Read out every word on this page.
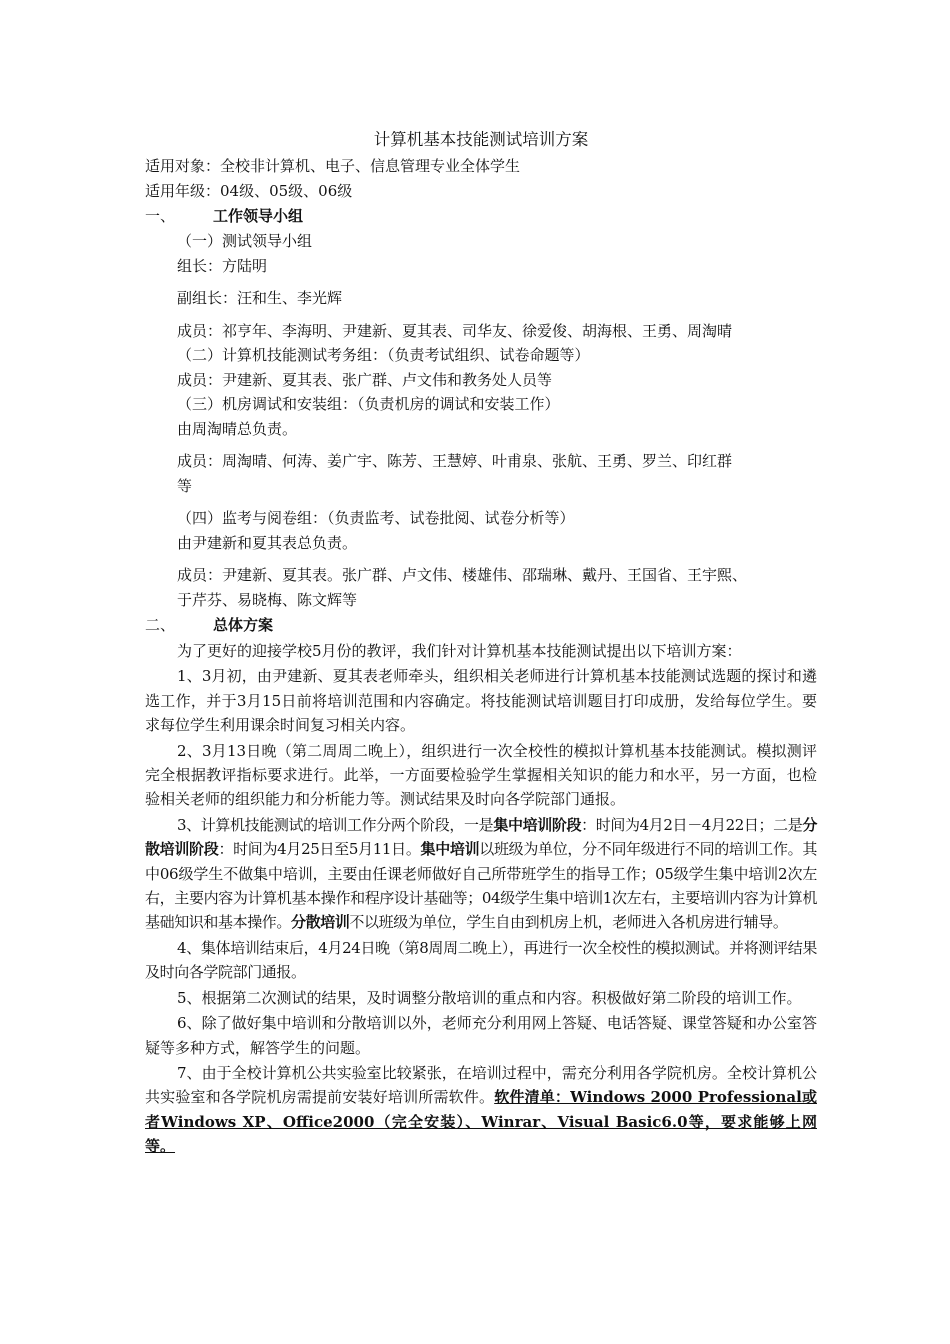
计算机基本技能测试培训方案
适用对象：全校非计算机、电子、信息管理专业全体学生
适用年级：04级、05级、06级
一、	工作领导小组
（一）测试领导小组
组长：方陆明
副组长：汪和生、李光辉
成员：祁亨年、李海明、尹建新、夏其表、司华友、徐爱俊、胡海根、王勇、周淘晴
（二）计算机技能测试考务组：（负责考试组织、试卷命题等）
成员：尹建新、夏其表、张广群、卢文伟和教务处人员等
（三）机房调试和安装组：（负责机房的调试和安装工作）
由周淘晴总负责。
成员：周淘晴、何涛、姜广宇、陈芳、王慧婷、叶甫泉、张航、王勇、罗兰、印红群
等
（四）监考与阅卷组：（负责监考、试卷批阅、试卷分析等）
由尹建新和夏其表总负责。
成员：尹建新、夏其表。张广群、卢文伟、楼雄伟、邵瑞琳、戴丹、王国省、王宇熙、
于芹芬、易晓梅、陈文辉等
二、	总体方案
为了更好的迎接学校5月份的教评，我们针对计算机基本技能测试提出以下培训方案：
1、3月初，由尹建新、夏其表老师牵头，组织相关老师进行计算机基本技能测试选题的探讨和遴选工作，并于3月15日前将培训范围和内容确定。将技能测试培训题目打印成册，发给每位学生。要求每位学生利用课余时间复习相关内容。
2、3月13日晚（第二周周二晚上），组织进行一次全校性的模拟计算机基本技能测试。模拟测评完全根据教评指标要求进行。此举，一方面要检验学生掌握相关知识的能力和水平，另一方面，也检验相关老师的组织能力和分析能力等。测试结果及时向各学院部门通报。
3、计算机技能测试的培训工作分两个阶段，一是集中培训阶段：时间为4月2日－4月22日；二是分散培训阶段：时间为4月25日至5月11日。集中培训以班级为单位，分不同年级进行不同的培训工作。其中06级学生不做集中培训，主要由任课老师做好自己所带班学生的指导工作；05级学生集中培训2次左右，主要内容为计算机基本操作和程序设计基础等；04级学生集中培训1次左右，主要培训内容为计算机基础知识和基本操作。分散培训不以班级为单位，学生自由到机房上机，老师进入各机房进行辅导。
4、集体培训结束后，4月24日晚（第8周周二晚上），再进行一次全校性的模拟测试。并将测评结果及时向各学院部门通报。
5、根据第二次测试的结果，及时调整分散培训的重点和内容。积极做好第二阶段的培训工作。
6、除了做好集中培训和分散培训以外，老师充分利用网上答疑、电话答疑、课堂答疑和办公室答疑等多种方式，解答学生的问题。
7、由于全校计算机公共实验室比较紧张，在培训过程中，需充分利用各学院机房。全校计算机公共实验室和各学院机房需提前安装好培训所需软件。软件清单：Windows 2000 Professional或者Windows XP、Office2000（完全安装）、Winrar、Visual Basic6.0等，要求能够上网等。
